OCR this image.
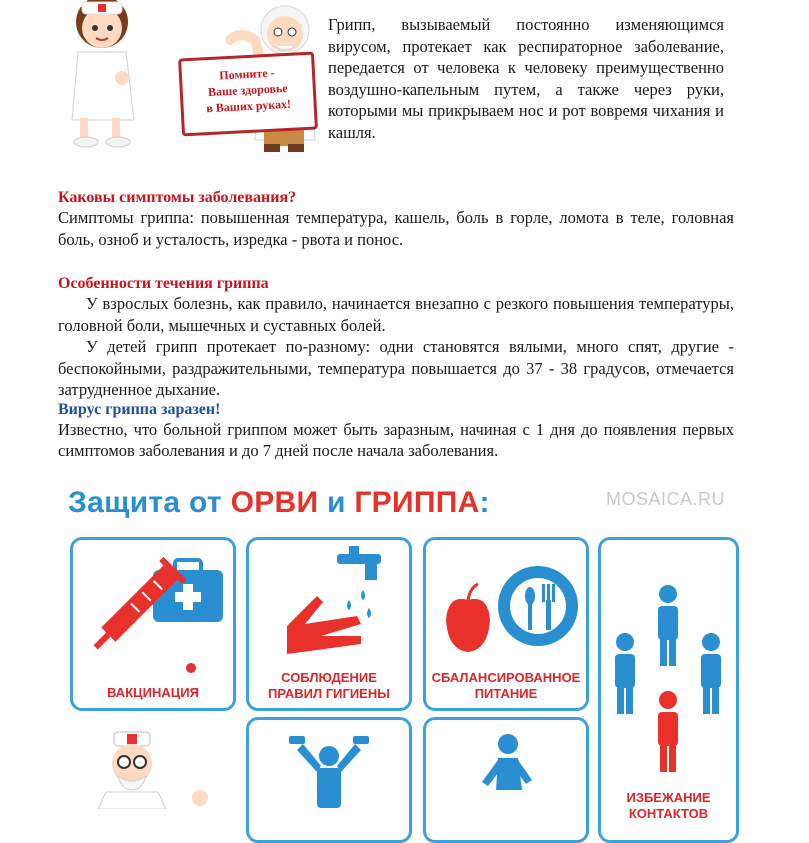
Помните -
Ваше здоровье
в Ваших руках!
Грипп, вызываемый постоянно изменяющимся вирусом, протекает как респираторное заболевание, передается от человека к человеку преимущественно воздушно-капельным путем, а также через руки, которыми мы прикрываем нос и рот вовремя чихания и кашля.
Каковы симптомы заболевания?
Симптомы гриппа: повышенная температура, кашель, боль в горле, ломота в теле, головная боль, озноб и усталость, изредка - рвота и понос.
Особенности течения гриппа

У взрослых болезнь, как правило, начинается внезапно с резкого повышения температуры, головной боли, мышечных и суставных болей.

У детей грипп протекает по-разному: одни становятся вялыми, много спят, другие - беспокойными, раздражительными, температура повышается до 37 - 38 градусов, отмечается затрудненное дыхание.

Вирус гриппа заразен!
Известно, что больной гриппом может быть заразным, начиная с 1 дня до появления первых симптомов заболевания и до 7 дней после начала заболевания.
Защита от ОРВИ и ГРИППА:	MOSAICA.RU
ВАКЦИНАЦИЯ
СОБЛЮДЕНИЕ
ПРАВИЛ ГИГИЕНЫ
СБАЛАНСИРОВАННОЕ
ПИТАНИЕ
ИЗБЕЖАНИЕ
КОНТАКТОВ
